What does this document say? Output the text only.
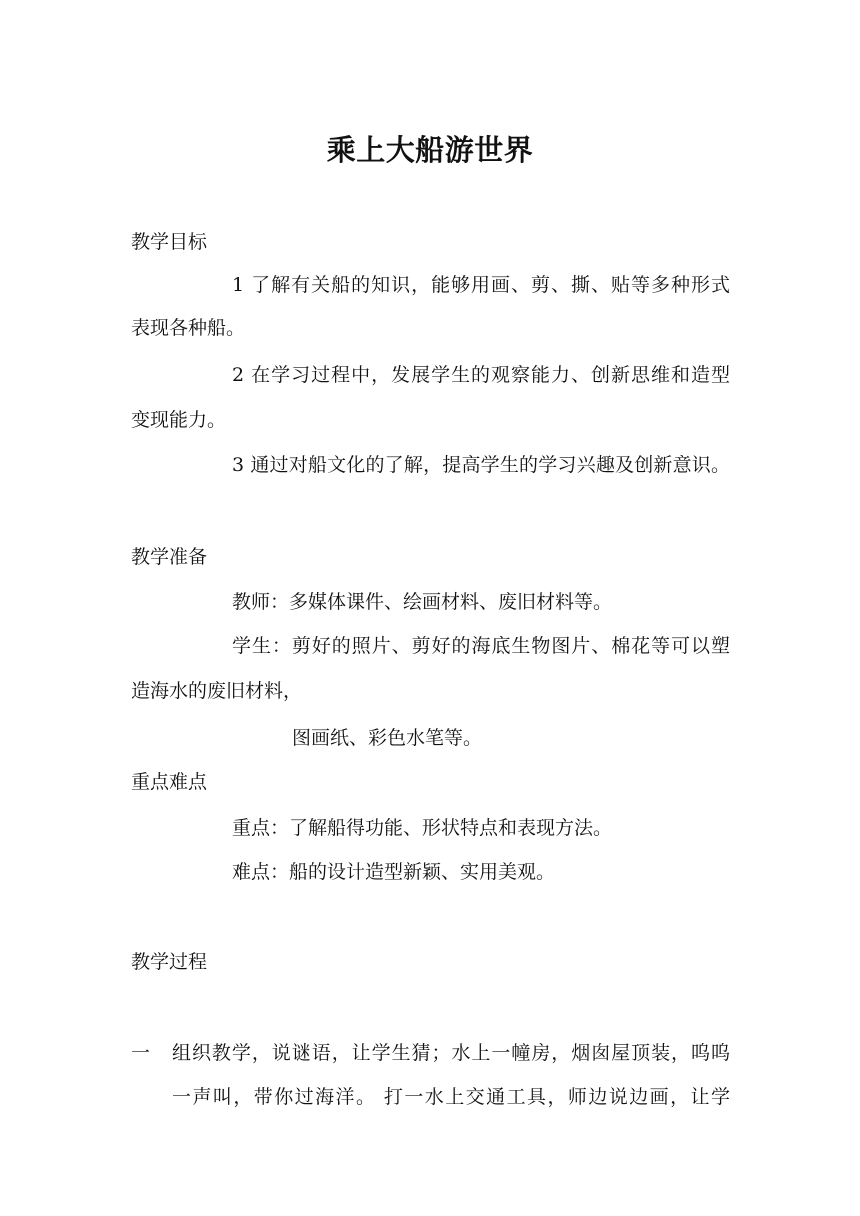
乘上大船游世界
教学目标
1 了解有关船的知识，能够用画、剪、撕、贴等多种形式
表现各种船。
2 在学习过程中，发展学生的观察能力、创新思维和造型
变现能力。
3 通过对船文化的了解，提高学生的学习兴趣及创新意识。
教学准备
教师：多媒体课件、绘画材料、废旧材料等。
学生：剪好的照片、剪好的海底生物图片、棉花等可以塑
造海水的废旧材料，
图画纸、彩色水笔等。
重点难点
重点：了解船得功能、形状特点和表现方法。
难点：船的设计造型新颖、实用美观。
教学过程
一 组织教学，说谜语，让学生猜；水上一幢房，烟囱屋顶装，呜呜
一声叫，带你过海洋。 打一水上交通工具，师边说边画，让学
